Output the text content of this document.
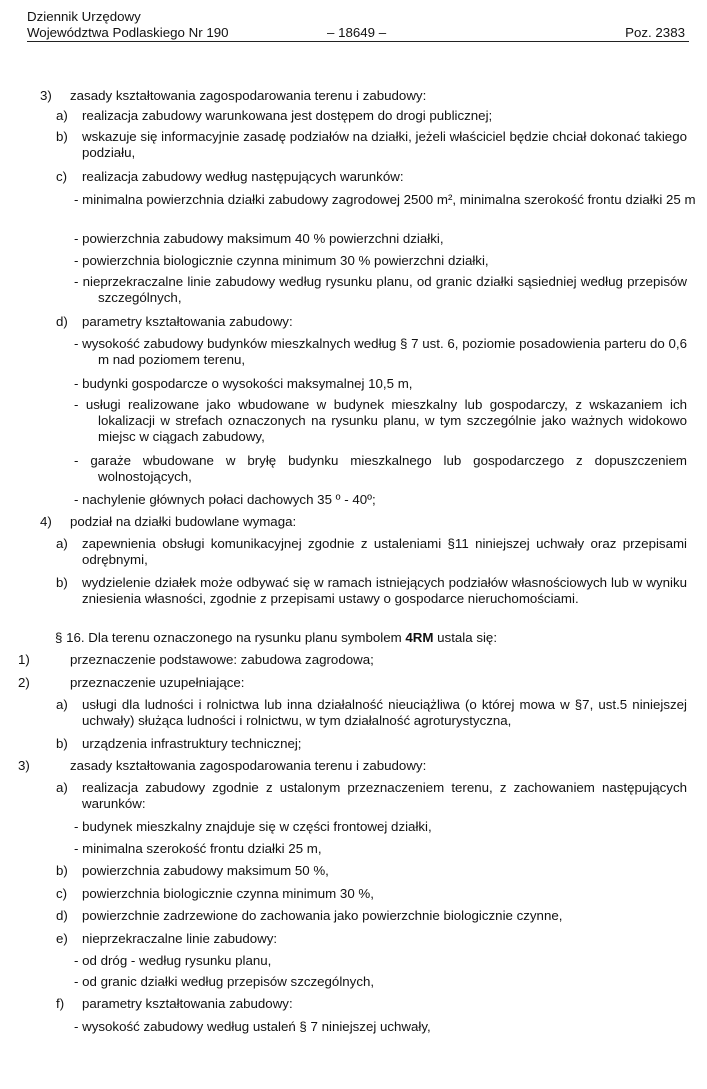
Dziennik Urzędowy
Województwa Podlaskiego Nr 190	– 18649 –	Poz. 2383
3) zasady kształtowania zagospodarowania terenu i zabudowy:
a) realizacja zabudowy warunkowana jest dostępem do drogi publicznej;
b) wskazuje się informacyjnie zasadę podziałów na działki, jeżeli właściciel będzie chciał dokonać takiego podziału,
c) realizacja zabudowy według następujących warunków:
- minimalna powierzchnia działki zabudowy zagrodowej 2500 m², minimalna szerokość frontu działki 25 m
- powierzchnia zabudowy maksimum 40 % powierzchni działki,
- powierzchnia biologicznie czynna minimum 30 % powierzchni działki,
- nieprzekraczalne linie zabudowy według rysunku planu, od granic działki sąsiedniej według przepisów szczególnych,
d) parametry kształtowania zabudowy:
- wysokość zabudowy budynków mieszkalnych według § 7 ust. 6, poziomie posadowienia parteru do 0,6 m nad poziomem terenu,
- budynki gospodarcze o wysokości maksymalnej 10,5 m,
- usługi realizowane jako wbudowane w budynek mieszkalny lub gospodarczy, z wskazaniem ich lokalizacji w strefach oznaczonych na rysunku planu, w tym szczególnie jako ważnych widokowo miejsc w ciągach zabudowy,
- garaże wbudowane w bryłę budynku mieszkalnego lub gospodarczego z dopuszczeniem wolnostojących,
- nachylenie głównych połaci dachowych 35 º - 40º;
4) podział na działki budowlane wymaga:
a) zapewnienia obsługi komunikacyjnej zgodnie z ustaleniami §11 niniejszej uchwały oraz przepisami odrębnymi,
b) wydzielenie działek może odbywać się w ramach istniejących podziałów własnościowych lub w wyniku zniesienia własności, zgodnie z przepisami ustawy o gospodarce nieruchomościami.
§ 16. Dla terenu oznaczonego na rysunku planu symbolem 4RM ustala się:
1)	przeznaczenie podstawowe: zabudowa zagrodowa;
2)	przeznaczenie uzupełniające:
a) usługi dla ludności i rolnictwa lub inna działalność nieuciążliwa (o której mowa w §7, ust.5 niniejszej uchwały) służąca ludności i rolnictwu, w tym działalność agroturystyczna,
b) urządzenia infrastruktury technicznej;
3)	zasady kształtowania zagospodarowania terenu i zabudowy:
a) realizacja zabudowy zgodnie z ustalonym przeznaczeniem terenu, z zachowaniem następujących warunków:
- budynek mieszkalny znajduje się w części frontowej działki,
- minimalna szerokość frontu działki 25 m,
b) powierzchnia zabudowy maksimum 50 %,
c) powierzchnia biologicznie czynna minimum 30 %,
d) powierzchnie zadrzewione do zachowania jako powierzchnie biologicznie czynne,
e) nieprzekraczalne linie zabudowy:
- od dróg - według rysunku planu,
- od granic działki według przepisów szczególnych,
f) parametry kształtowania zabudowy:
- wysokość zabudowy według ustaleń § 7 niniejszej uchwały,
